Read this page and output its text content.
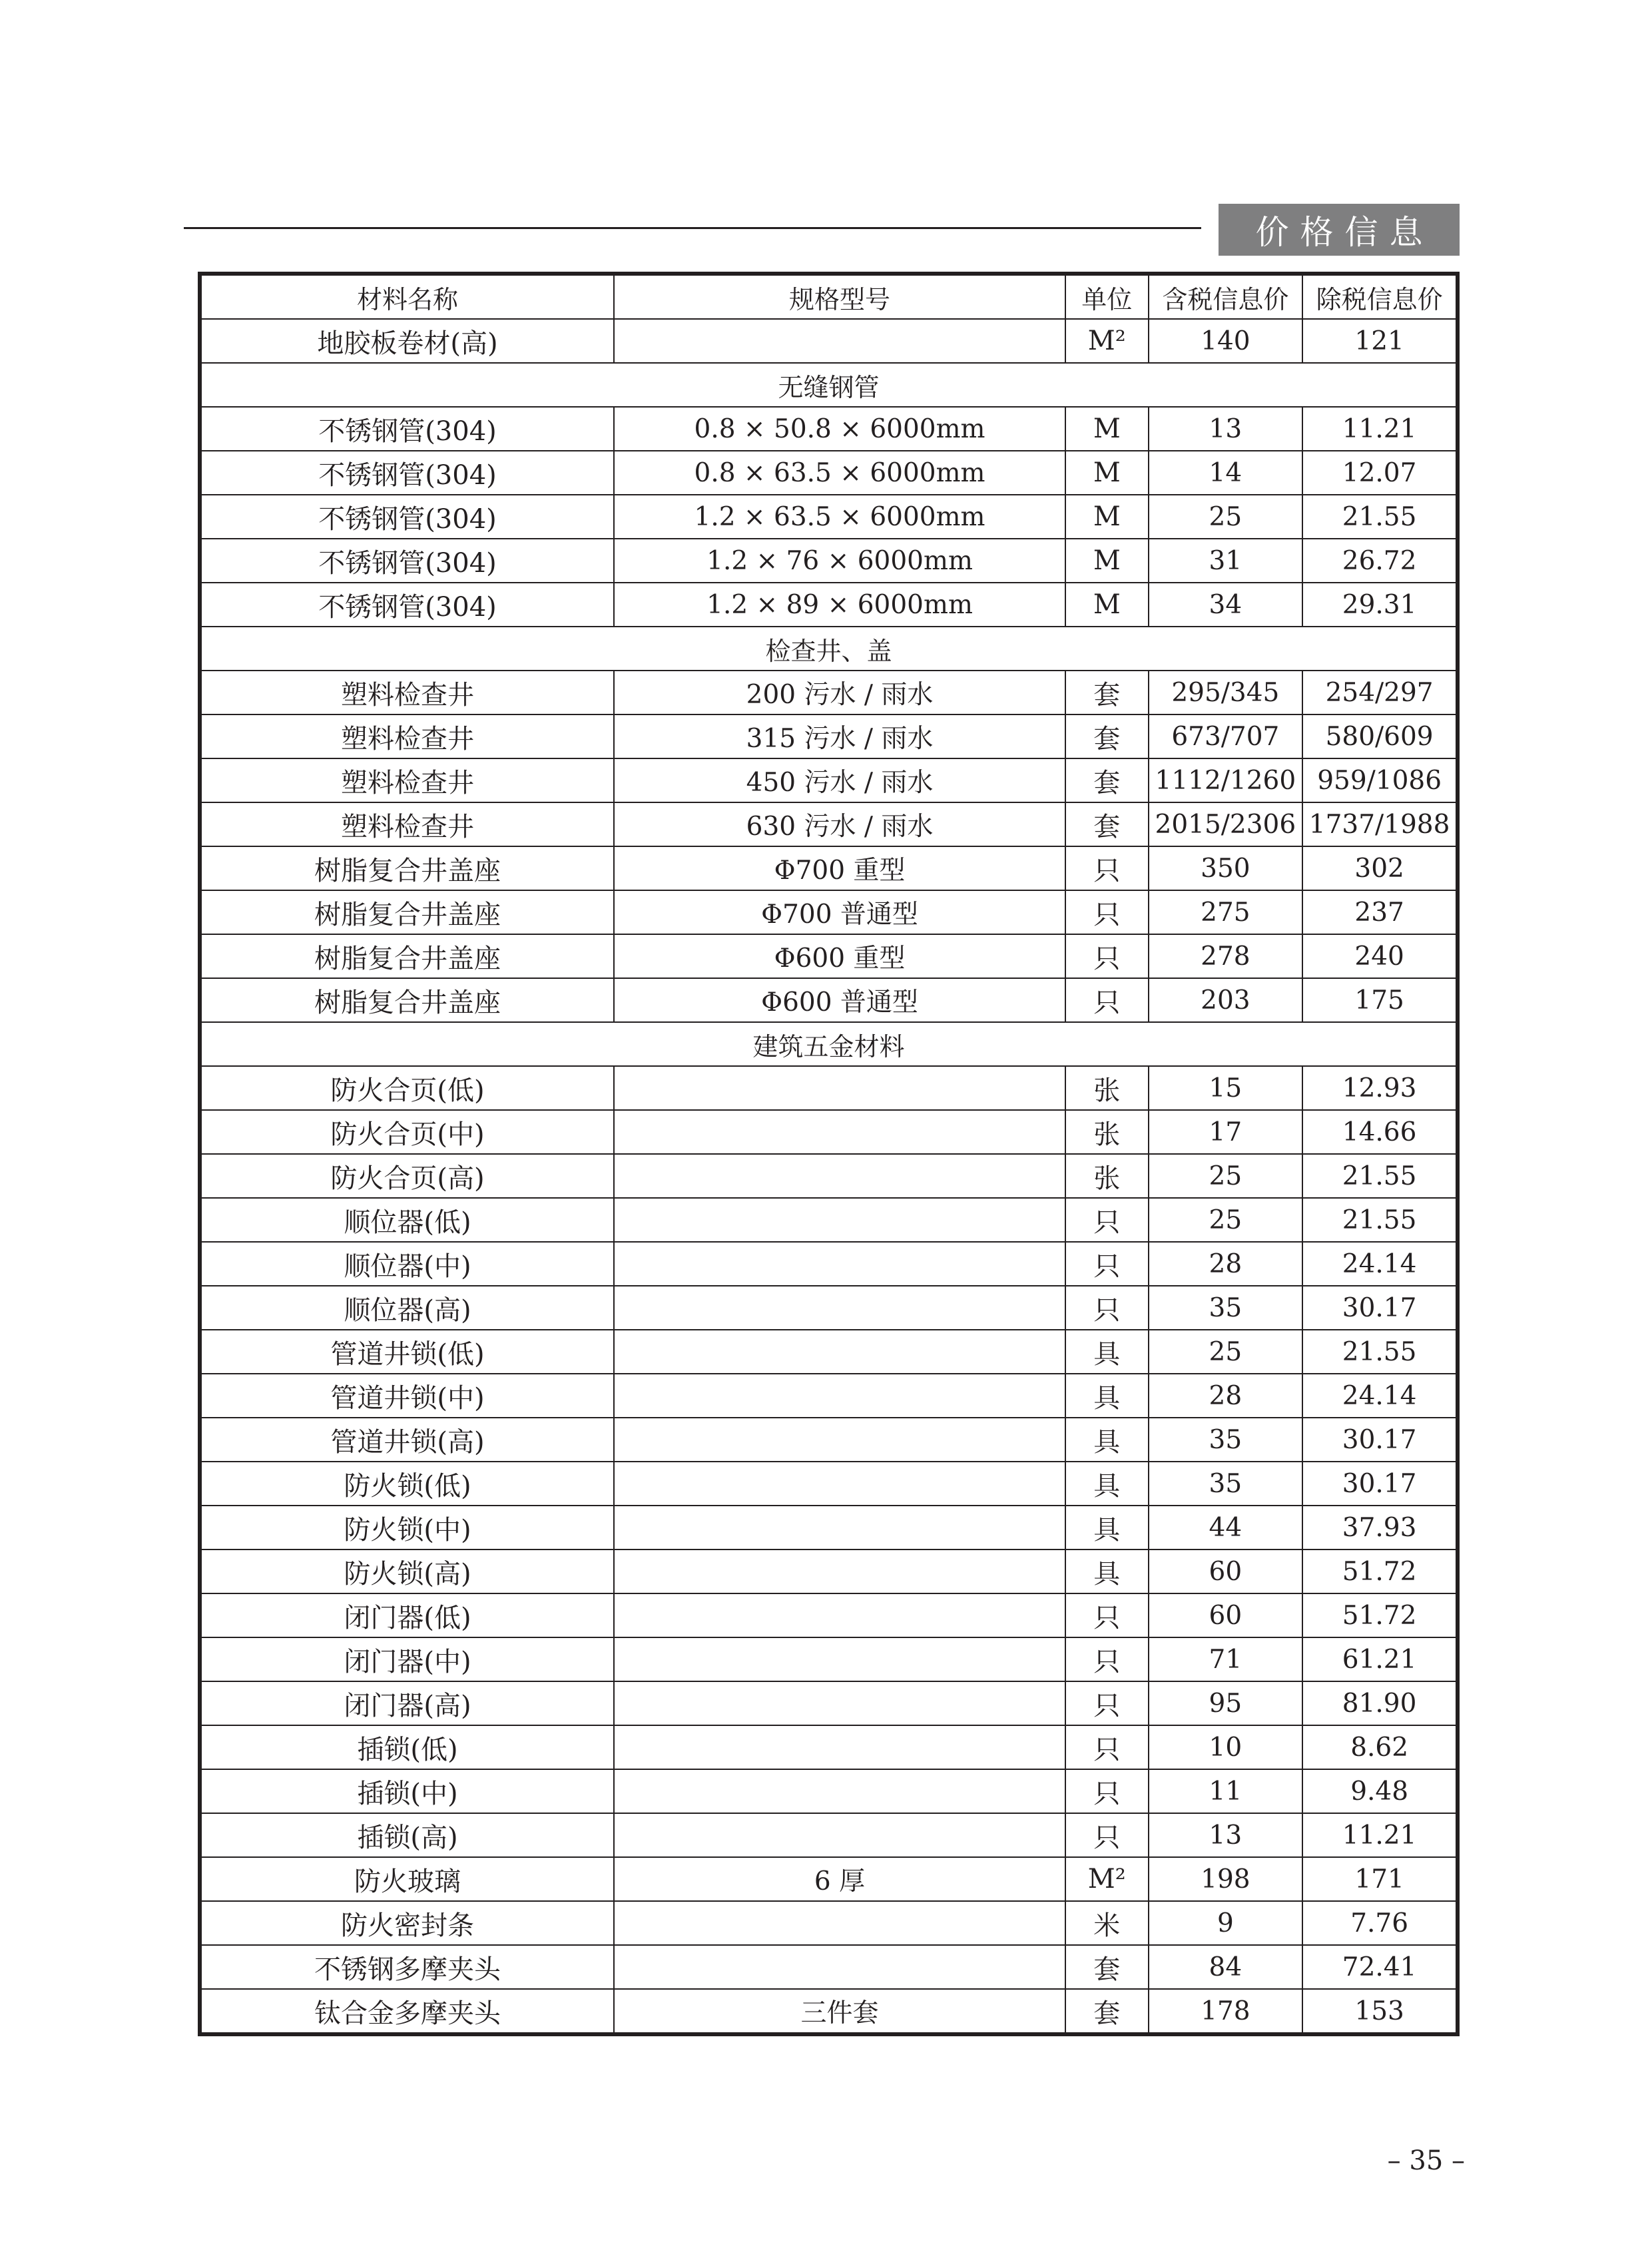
价格信息
材料名称	规格型号	单位	含税信息价	除税信息价
地胶板卷材(高)		M²	140	121
无缝钢管				
不锈钢管(304)	0.8 × 50.8 × 6000mm	M	13	11.21
不锈钢管(304)	0.8 × 63.5 × 6000mm	M	14	12.07
不锈钢管(304)	1.2 × 63.5 × 6000mm	M	25	21.55
不锈钢管(304)	1.2 × 76 × 6000mm	M	31	26.72
不锈钢管(304)	1.2 × 89 × 6000mm	M	34	29.31
检查井、盖				
塑料检查井	200 污水 / 雨水	套	295/345	254/297
塑料检查井	315 污水 / 雨水	套	673/707	580/609
塑料检查井	450 污水 / 雨水	套	1112/1260	959/1086
塑料检查井	630 污水 / 雨水	套	2015/2306	1737/1988
树脂复合井盖座	Φ700 重型	只	350	302
树脂复合井盖座	Φ700 普通型	只	275	237
树脂复合井盖座	Φ600 重型	只	278	240
树脂复合井盖座	Φ600 普通型	只	203	175
建筑五金材料				
防火合页(低)		张	15	12.93
防火合页(中)		张	17	14.66
防火合页(高)		张	25	21.55
顺位器(低)		只	25	21.55
顺位器(中)		只	28	24.14
顺位器(高)		只	35	30.17
管道井锁(低)		具	25	21.55
管道井锁(中)		具	28	24.14
管道井锁(高)		具	35	30.17
防火锁(低)		具	35	30.17
防火锁(中)		具	44	37.93
防火锁(高)		具	60	51.72
闭门器(低)		只	60	51.72
闭门器(中)		只	71	61.21
闭门器(高)		只	95	81.90
插锁(低)		只	10	8.62
插锁(中)		只	11	9.48
插锁(高)		只	13	11.21
防火玻璃	6 厚	M²	198	171
防火密封条		米	9	7.76
不锈钢多摩夹头		套	84	72.41
钛合金多摩夹头	三件套	套	178	153
– 35 –
